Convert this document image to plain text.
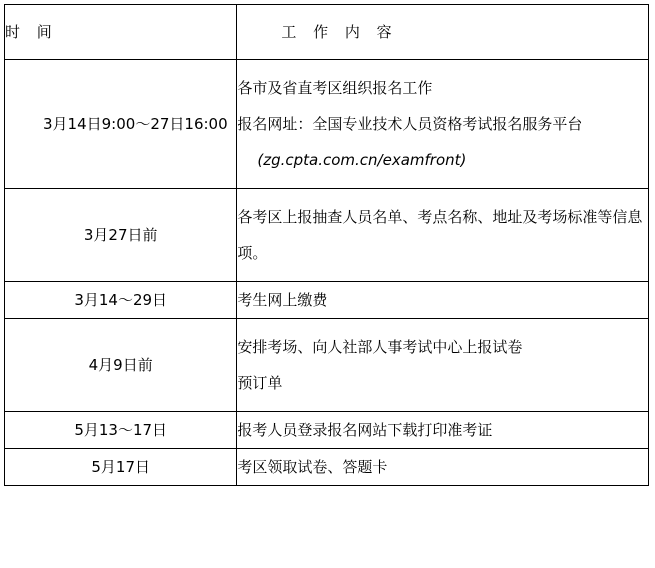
时 间	工 作 内 容

3月14日9:00～27日16:00	各市及省直考区组织报名工作
报名网址：全国专业技术人员资格考试报名服务平台
(zg.cpta.com.cn/examfront)

3月27日前	各考区上报抽查人员名单、考点名称、地址及考场标准等信息项。

3月14～29日	考生网上缴费

4月9日前	安排考场、向人社部人事考试中心上报试卷
预订单

5月13～17日	报考人员登录报名网站下载打印准考证

5月17日	考区领取试卷、答题卡
